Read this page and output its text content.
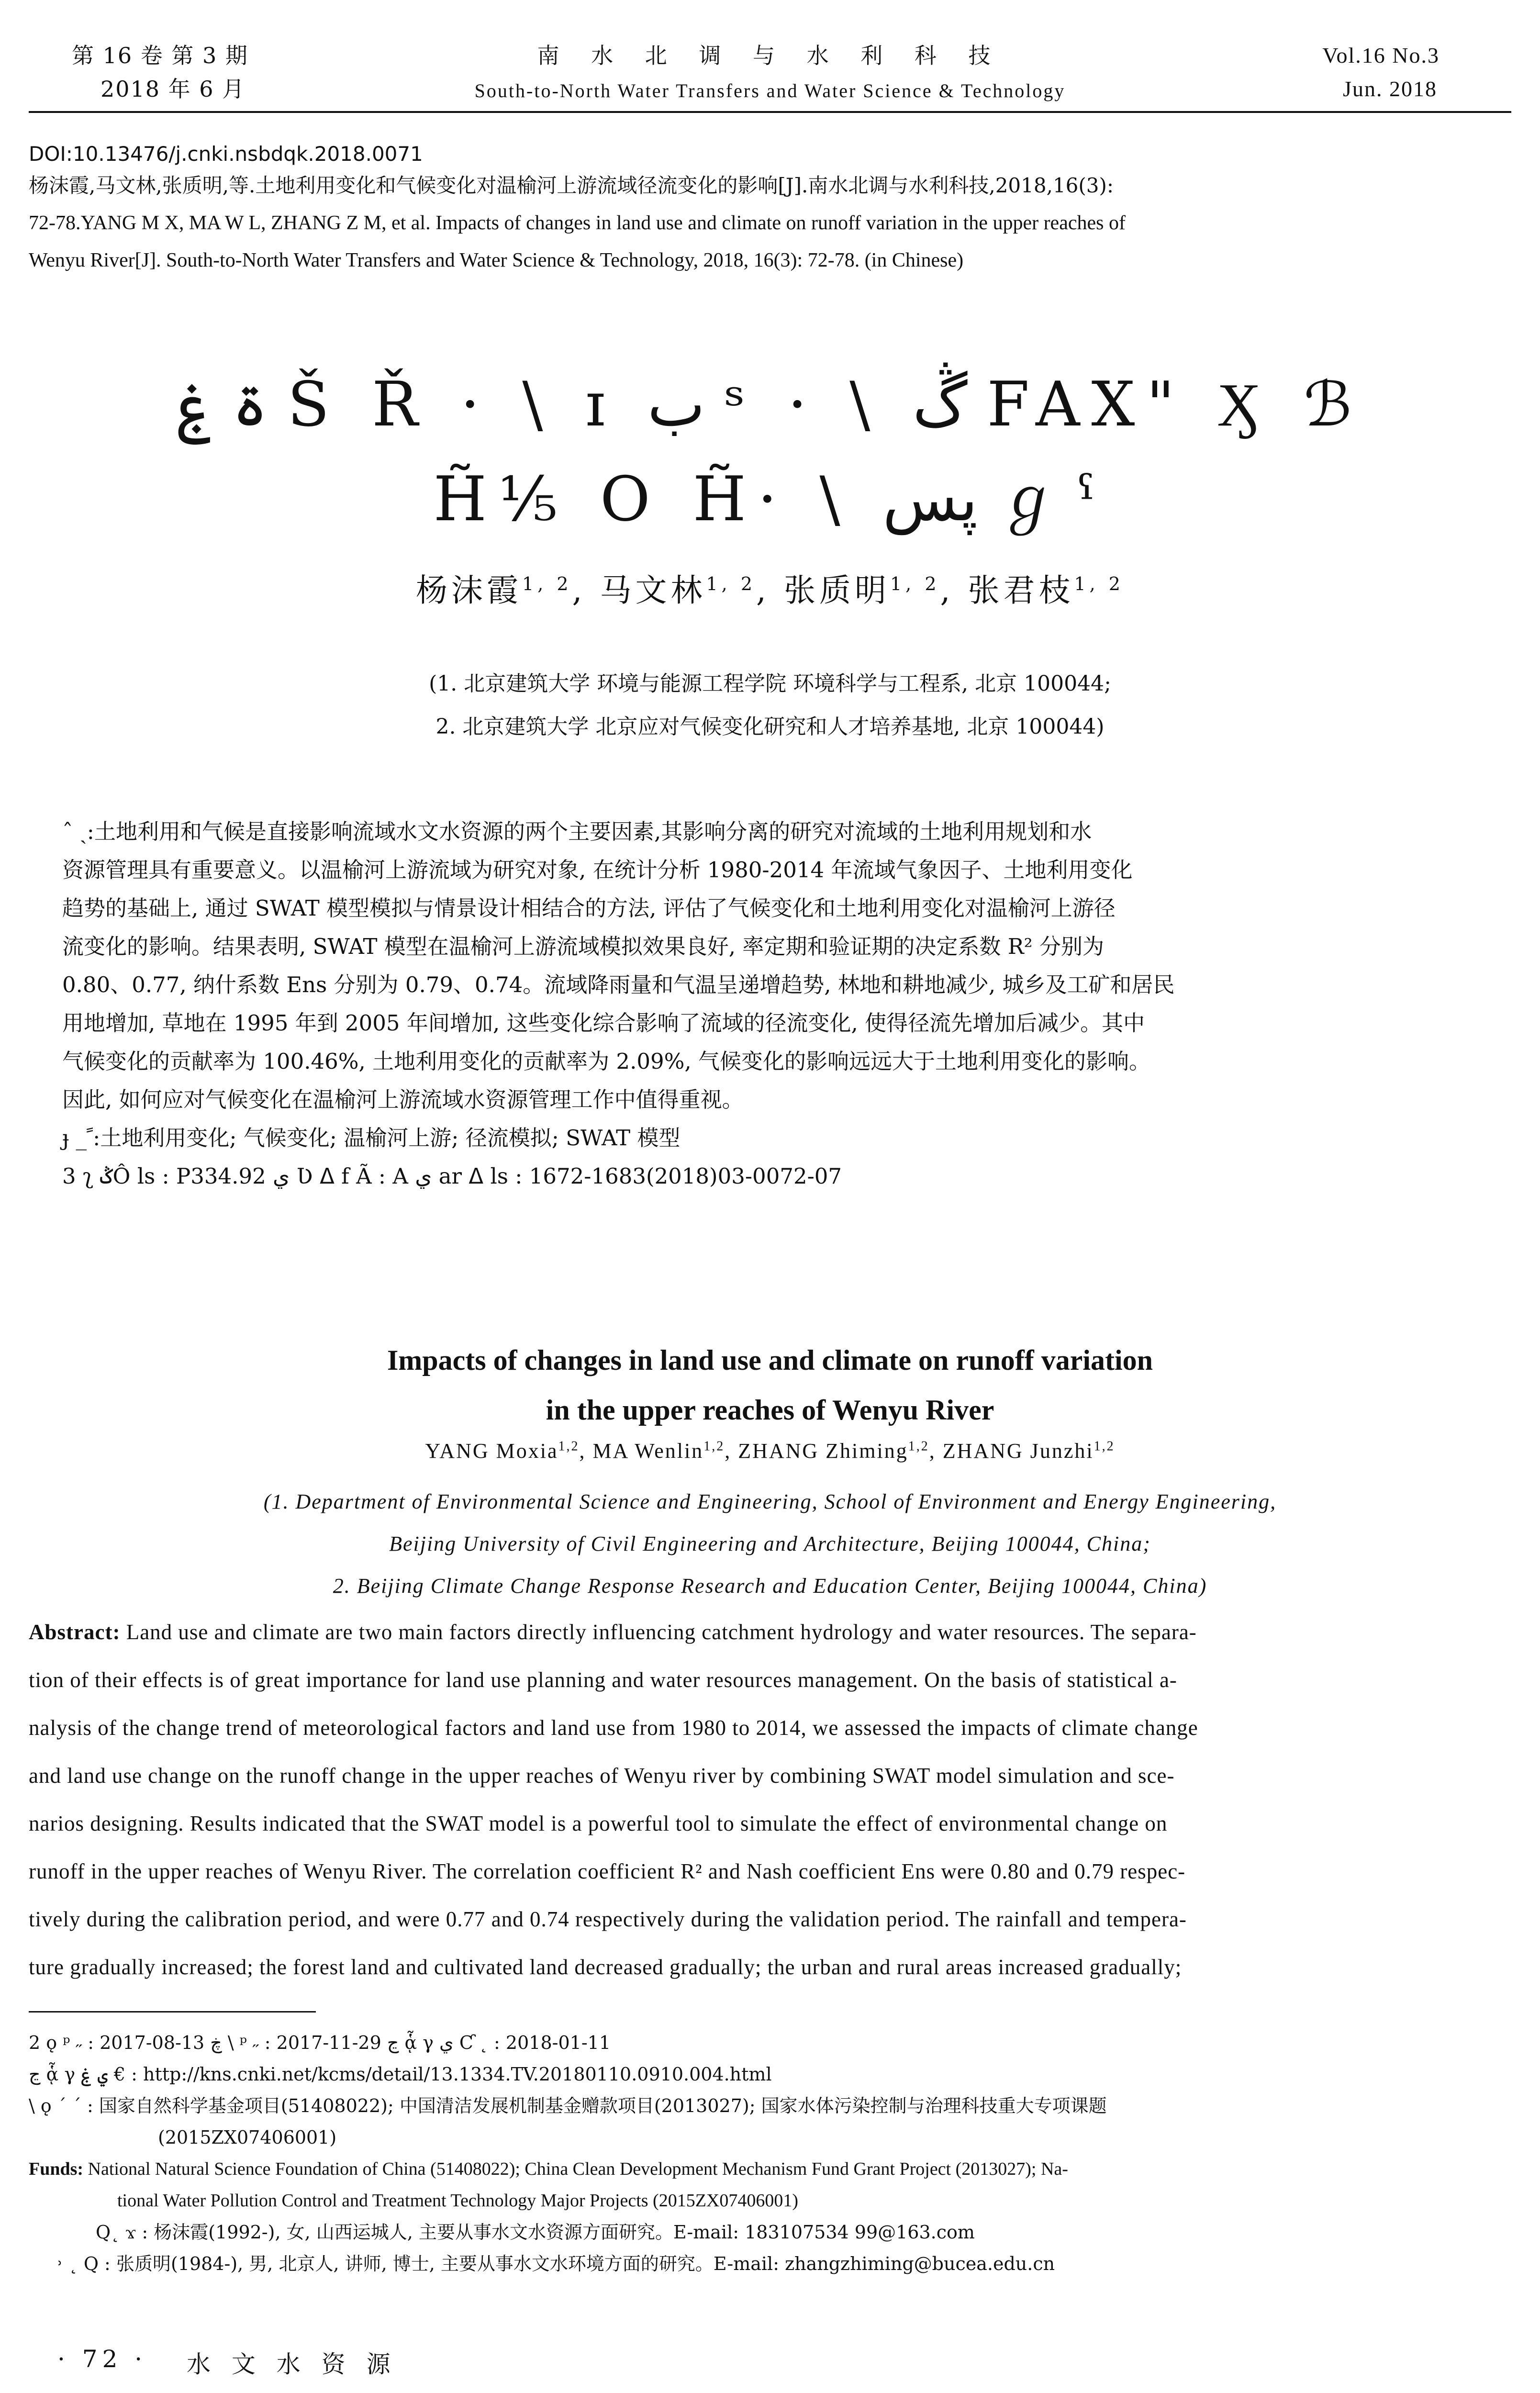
第 16 卷 第 3 期
2018 年 6 月
南 水 北 调 与 水 利 科 技
South-to-North Water Transfers and Water Science & Technology
Vol.16 No.3
Jun. 2018
DOI:10.13476/j.cnki.nsbdqk.2018.0071
杨沫霞,马文林,张质明,等.土地利用变化和气候变化对温榆河上游流域径流变化的影响[J].南水北调与水利科技,2018,16(3):
72-78.YANG M X, MA W L, ZHANG Z M, et al. Impacts of changes in land use and climate on runoff variation in the upper reaches of
Wenyu River[J]. South-to-North Water Transfers and Water Science & Technology, 2018, 16(3): 72-78. (in Chinese)
ة ۼ Š Ř · \ ɪ ب ˢ · \ ڴ FAX" Ӽ ℬ
H̃⅕ O H̃· \ پس ℊ ˤ
杨沫霞$^{1, 2}$, 马文林$^{1, 2}$, 张质明$^{1, 2}$, 张君枝$^{1, 2}$
(1. 北京建筑大学 环境与能源工程学院 环境科学与工程系, 北京 100044;
2. 北京建筑大学 北京应对气候变化研究和人才培养基地, 北京 100044)
ˆ ˎ:土地利用和气候是直接影响流域水文水资源的两个主要因素,其影响分离的研究对流域的土地利用规划和水
资源管理具有重要意义。以温榆河上游流域为研究对象, 在统计分析 1980-2014 年流域气象因子、土地利用变化
趋势的基础上, 通过 SWAT 模型模拟与情景设计相结合的方法, 评估了气候变化和土地利用变化对温榆河上游径
流变化的影响。结果表明, SWAT 模型在温榆河上游流域模拟效果良好, 率定期和验证期的决定系数 R² 分别为
0.80、0.77, 纳什系数 Ens 分别为 0.79、0.74。流域降雨量和气温呈递增趋势, 林地和耕地减少, 城乡及工矿和居民
用地增加, 草地在 1995 年到 2005 年间增加, 这些变化综合影响了流域的径流变化, 使得径流先增加后减少。其中
气候变化的贡献率为 100.46%, 土地利用变化的贡献率为 2.09%, 气候变化的影响远远大于土地利用变化的影响。
因此, 如何应对气候变化在温榆河上游流域水资源管理工作中值得重视。
ɟ _ ً:土地利用变化; 气候变化; 温榆河上游; 径流模拟; SWAT 模型
3 ʅ ݣÔ ls : P334.92 ي Ʋ ᐃ f Ã : A ي ar ᐃ ls : 1672-1683(2018)03-0072-07
Impacts of changes in land use and climate on runoff variation
in the upper reaches of Wenyu River
YANG Moxia$^{1,2}$, MA Wenlin$^{1,2}$, ZHANG Zhiming$^{1,2}$, ZHANG Junzhi$^{1,2}$
(1. Department of Environmental Science and Engineering, School of Environment and Energy Engineering,
Beijing University of Civil Engineering and Architecture, Beijing 100044, China;
2. Beijing Climate Change Response Research and Education Center, Beijing 100044, China)
Abstract: Land use and climate are two main factors directly influencing catchment hydrology and water resources. The separa-
tion of their effects is of great importance for land use planning and water resources management. On the basis of statistical a-
nalysis of the change trend of meteorological factors and land use from 1980 to 2014, we assessed the impacts of climate change
and land use change on the runoff change in the upper reaches of Wenyu river by combining SWAT model simulation and sce-
narios designing. Results indicated that the SWAT model is a powerful tool to simulate the effect of environmental change on
runoff in the upper reaches of Wenyu River. The correlation coefficient R² and Nash coefficient Ens were 0.80 and 0.79 respec-
tively during the calibration period, and were 0.77 and 0.74 respectively during the validation period. The rainfall and tempera-
ture gradually increased; the forest land and cultivated land decreased gradually; the urban and rural areas increased gradually;
2 ǫ ᵖ ˶ : 2017-08-13 ڿ \ ᵖ ˶ : 2017-11-29 ڃ ᾇ γ ي Ƈ ˛ : 2018-01-11
ڃ ᾇ γ ي ۼ € : http://kns.cnki.net/kcms/detail/13.1334.TV.20180110.0910.004.html
\ ǫ ˊ ˊ : 国家自然科学基金项目(51408022); 中国清洁发展机制基金赠款项目(2013027); 国家水体污染控制与治理科技重大专项课题
(2015ZX07406001)
Funds: National Natural Science Foundation of China (51408022); China Clean Development Mechanism Fund Grant Project (2013027); Na-
tional Water Pollution Control and Treatment Technology Major Projects (2015ZX07406001)
Q˛ ϫ : 杨沫霞(1992-), 女, 山西运城人, 主要从事水文水资源方面研究。E-mail: 183107534 99@163.com
˒ ˛ Q : 张质明(1984-), 男, 北京人, 讲师, 博士, 主要从事水文水环境方面的研究。E-mail: zhangzhiming@bucea.edu.cn
· 72 · 水 文 水 资 源
